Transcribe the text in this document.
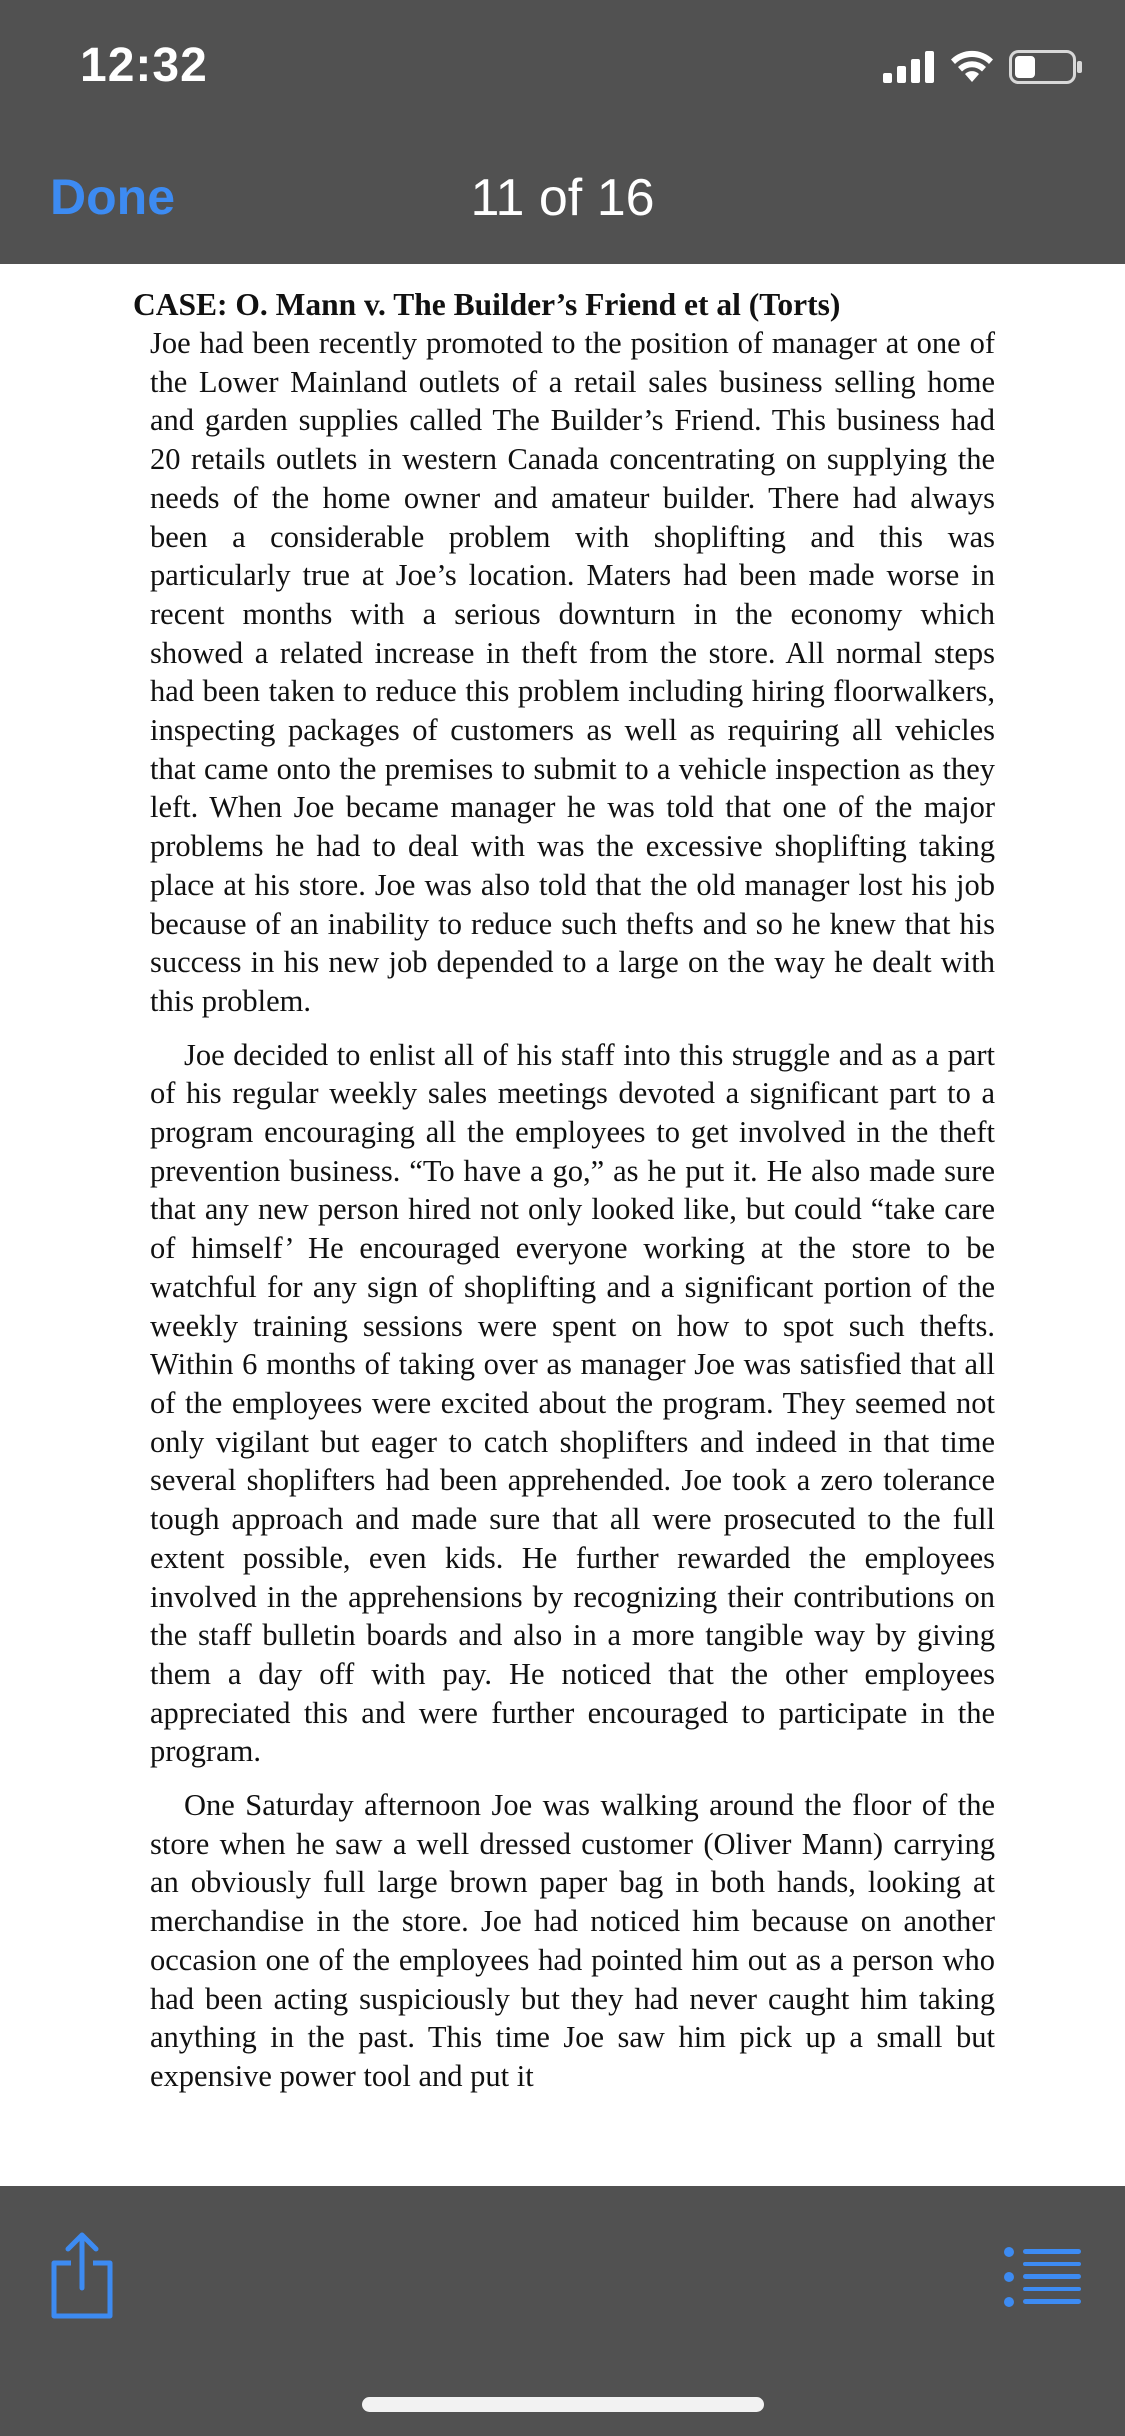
12:32
Done	11 of 16
CASE: O. Mann v. The Builder’s Friend et al (Torts)

Joe had been recently promoted to the position of manager at one of the Lower Mainland outlets of a retail sales business selling home and garden supplies called The Builder’s Friend. This business had 20 retails outlets in western Canada concentrating on supplying the needs of the home owner and amateur builder. There had always been a considerable problem with shoplifting and this was particularly true at Joe’s location. Maters had been made worse in recent months with a serious downturn in the economy which showed a related increase in theft from the store. All normal steps had been taken to reduce this problem including hiring floorwalkers, inspecting packages of customers as well as requiring all vehicles that came onto the premises to submit to a vehicle inspection as they left. When Joe became manager he was told that one of the major problems he had to deal with was the excessive shoplifting taking place at his store. Joe was also told that the old manager lost his job because of an inability to reduce such thefts and so he knew that his success in his new job depended to a large on the way he dealt with this problem.

Joe decided to enlist all of his staff into this struggle and as a part of his regular weekly sales meetings devoted a significant part to a program encouraging all the employees to get involved in the theft prevention business. “To have a go,” as he put it. He also made sure that any new person hired not only looked like, but could “take care of himself’ He encouraged everyone working at the store to be watchful for any sign of shoplifting and a significant portion of the weekly training sessions were spent on how to spot such thefts. Within 6 months of taking over as manager Joe was satisfied that all of the employees were excited about the program. They seemed not only vigilant but eager to catch shoplifters and indeed in that time several shoplifters had been apprehended. Joe took a zero tolerance tough approach and made sure that all were prosecuted to the full extent possible, even kids. He further rewarded the employees involved in the apprehensions by recognizing their contributions on the staff bulletin boards and also in a more tangible way by giving them a day off with pay. He noticed that the other employees appreciated this and were further encouraged to participate in the program.

One Saturday afternoon Joe was walking around the floor of the store when he saw a well dressed customer (Oliver Mann) carrying an obviously full large brown paper bag in both hands, looking at merchandise in the store. Joe had noticed him because on another occasion one of the employees had pointed him out as a person who had been acting suspiciously but they had never caught him taking anything in the past. This time Joe saw him pick up a small but expensive power tool and put it
